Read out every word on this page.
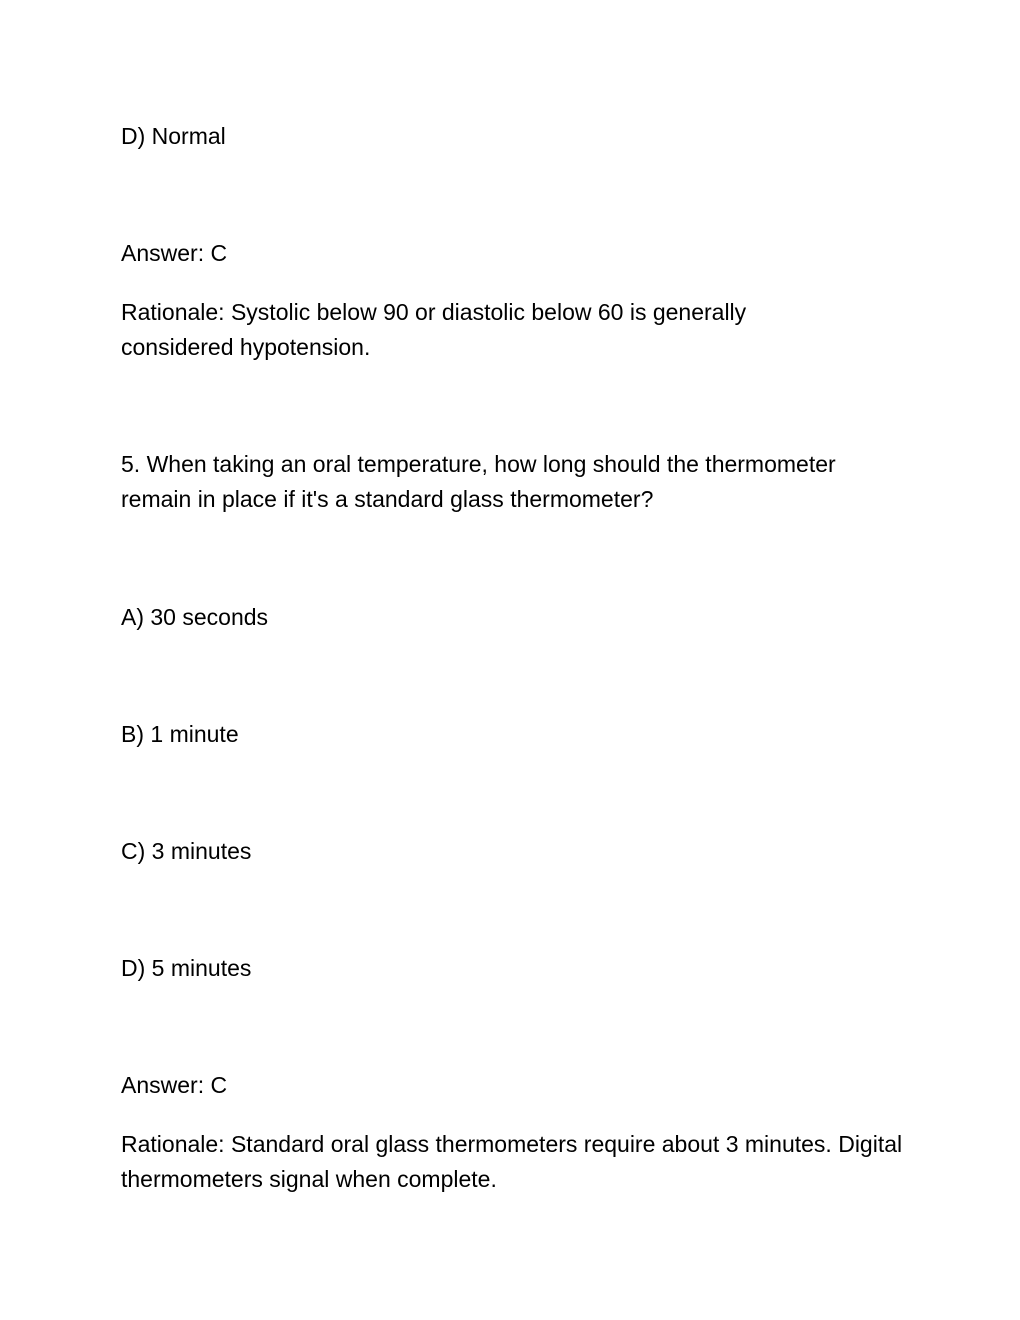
D) Normal
Answer: C
Rationale: Systolic below 90 or diastolic below 60 is generally considered hypotension.
5. When taking an oral temperature, how long should the thermometer remain in place if it's a standard glass thermometer?
A) 30 seconds
B) 1 minute
C) 3 minutes
D) 5 minutes
Answer: C
Rationale: Standard oral glass thermometers require about 3 minutes. Digital thermometers signal when complete.
